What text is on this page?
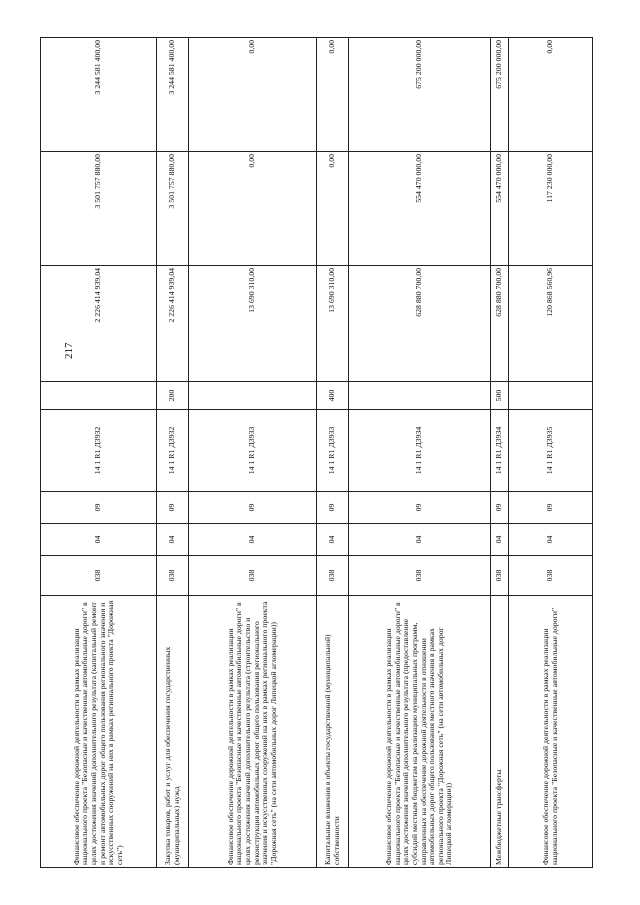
217
Финансовое обеспечение дорожной деятельности в рамках реализации национального проекта "Безопасные и качественные автомобильные дороги" в целях достижения значений дополнительного результата (капитальный ремонт и ремонт автомобильных дорог общего пользования регионального значения и искусственных сооружений на них в рамках регионального проекта "Дорожная сеть")	038	04	09	14 1 R1 Д3932		2 226 414 939,04	3 501 757 880,00	3 244 581 400,00
Закупка товаров, работ и услуг для обеспечения государственных (муниципальных) нужд	038	04	09	14 1 R1 Д3932	200	2 226 414 939,04	3 501 757 880,00	3 244 581 400,00
Финансовое обеспечение дорожной деятельности в рамках реализации национального проекта "Безопасные и качественные автомобильные дороги" в целях достижения значений дополнительного результата (строительство и реконструкция автомобильных дорог общего пользования регионального значения и искусственных сооружений на них в рамках регионального проекта "Дорожная сеть" (на сети автомобильных дорог Липецкой агломерации))	038	04	09	14 1 R1 Д3933		13 690 310,00	0,00	0,00
Капитальные вложения в объекты государственной (муниципальной) собственности	038	04	09	14 1 R1 Д3933	400	13 690 310,00	0,00	0,00
Финансовое обеспечение дорожной деятельности в рамках реализации национального проекта "Безопасные и качественные автомобильные дороги" в целях достижения значений дополнительного результата (предоставление субсидий местным бюджетам на реализацию муниципальных программ, направленных на обеспечение дорожной деятельности в отношении автомобильных дорог общего пользования местного значения в рамках регионального проекта "Дорожная сеть" (на сети автомобильных дорог Липецкой агломерации))	038	04	09	14 1 R1 Д3934		628 880 700,00	554 470 000,00	675 200 000,00
Межбюджетные трансферты	038	04	09	14 1 R1 Д3934	500	628 880 700,00	554 470 000,00	675 200 000,00
Финансовое обеспечение дорожной деятельности в рамках реализации национального проекта "Безопасные и качественные автомобильные дороги"	038	04	09	14 1 R1 Д3935		120 868 560,96	117 230 000,00	0,00
